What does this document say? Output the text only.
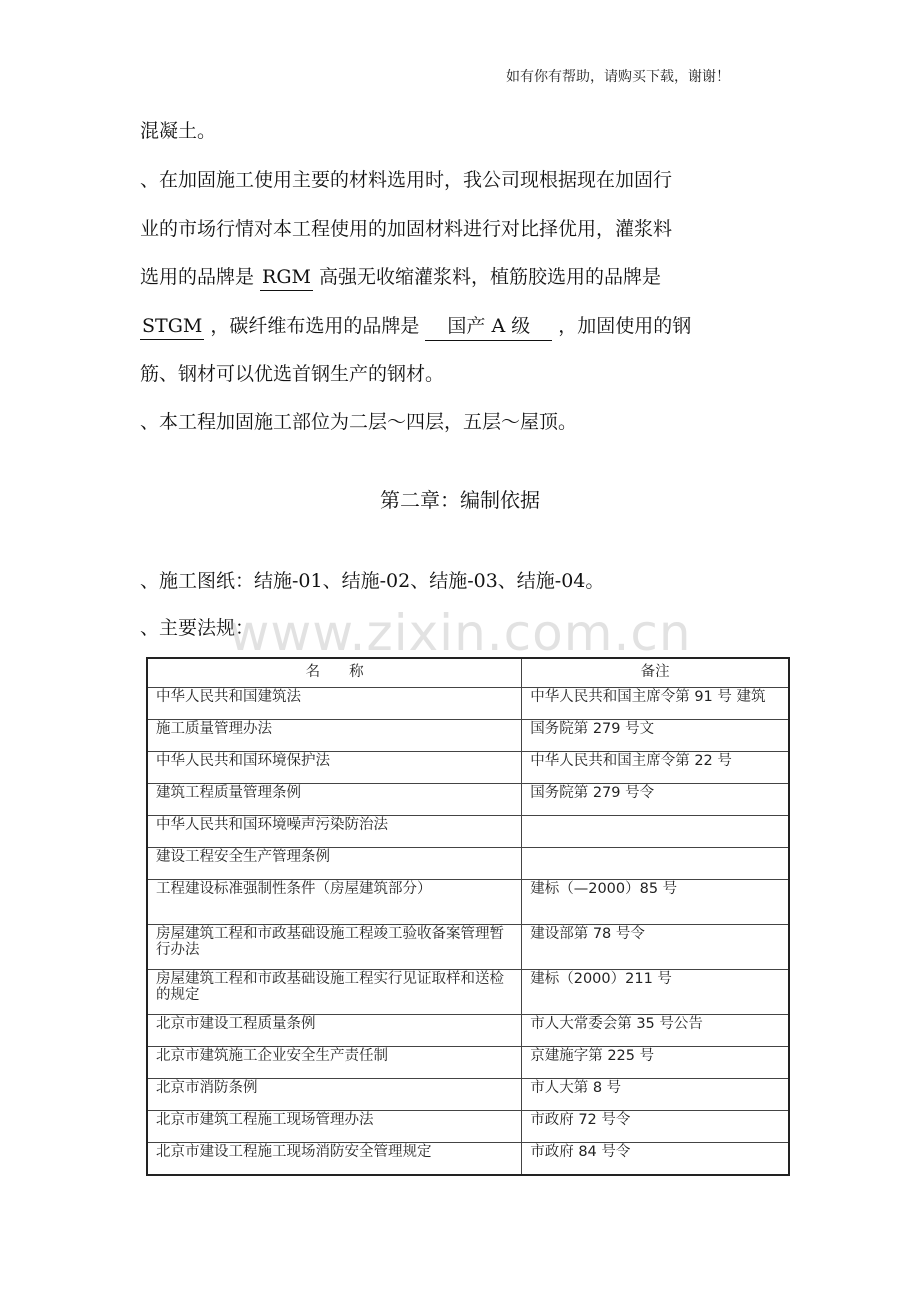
如有你有帮助，请购买下载，谢谢！
混凝土。
、在加固施工使用主要的材料选用时，我公司现根据现在加固行
业的市场行情对本工程使用的加固材料进行对比择优用，灌浆料
选用的品牌是 RGM 高强无收缩灌浆料，植筋胶选用的品牌是
STGM ，碳纤维布选用的品牌是 国产 A 级 ，加固使用的钢
筋、钢材可以优选首钢生产的钢材。
、本工程加固施工部位为二层～四层，五层～屋顶。
第二章：编制依据
、施工图纸：结施-01、结施-02、结施-03、结施-04。
、主要法规：
www.zixin.com.cn
名　　称	备注
中华人民共和国建筑法	中华人民共和国主席令第 91 号 建筑
施工质量管理办法	国务院第 279 号文
中华人民共和国环境保护法	中华人民共和国主席令第 22 号
建筑工程质量管理条例	国务院第 279 号令
中华人民共和国环境噪声污染防治法	
建设工程安全生产管理条例	
工程建设标准强制性条件（房屋建筑部分）	建标（—2000）85 号
房屋建筑工程和市政基础设施工程竣工验收备案管理暂行办法	建设部第 78 号令
房屋建筑工程和市政基础设施工程实行见证取样和送检的规定	建标（2000）211 号
北京市建设工程质量条例	市人大常委会第 35 号公告
北京市建筑施工企业安全生产责任制	京建施字第 225 号
北京市消防条例	市人大第 8 号
北京市建筑工程施工现场管理办法	市政府 72 号令
北京市建设工程施工现场消防安全管理规定	市政府 84 号令
